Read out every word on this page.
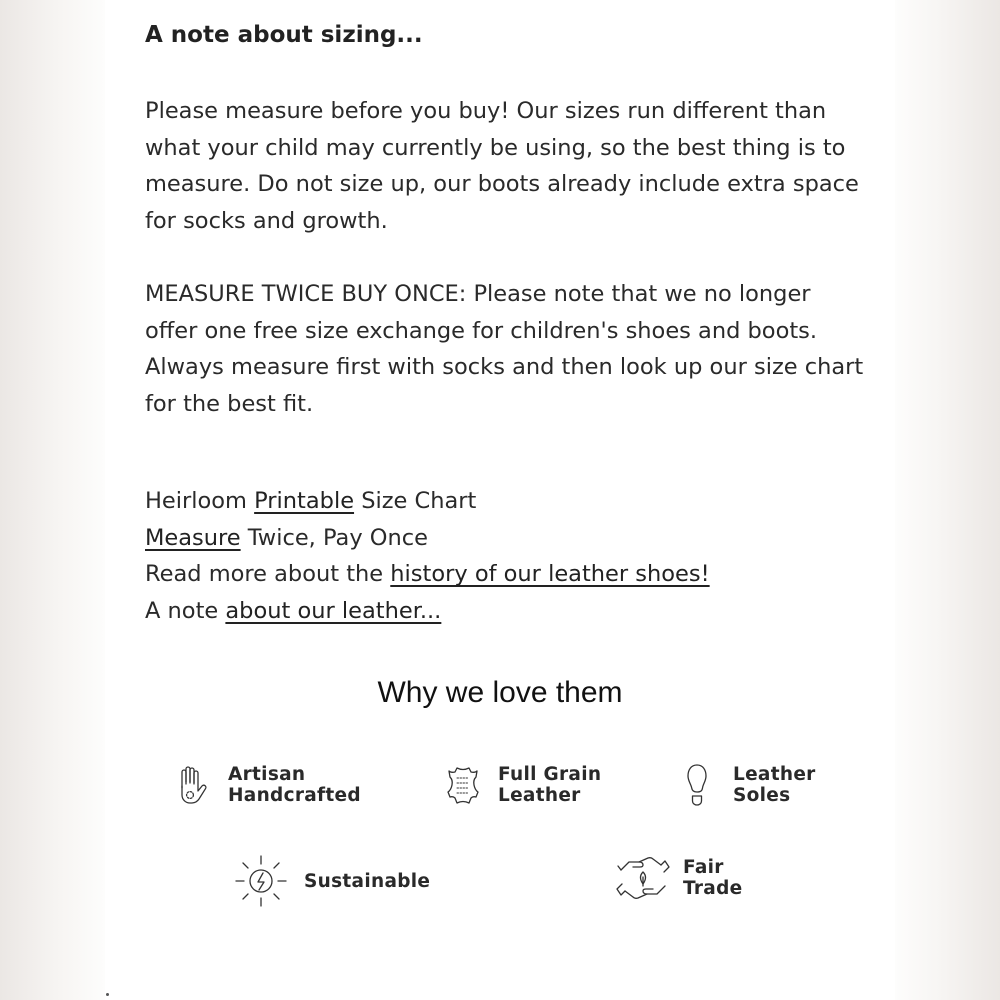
A note about sizing...

Please measure before you buy! Our sizes run different than what your child may currently be using, so the best thing is to measure. Do not size up, our boots already include extra space for socks and growth.

MEASURE TWICE BUY ONCE: Please note that we no longer offer one free size exchange for children's shoes and boots. Always measure first with socks and then look up our size chart for the best fit.

Heirloom Printable Size Chart
Measure Twice, Pay Once
Read more about the history of our leather shoes!
A note about our leather...
Why we love them
Artisan
Handcrafted
Full Grain
Leather
Leather
Soles
Sustainable
Fair
Trade
